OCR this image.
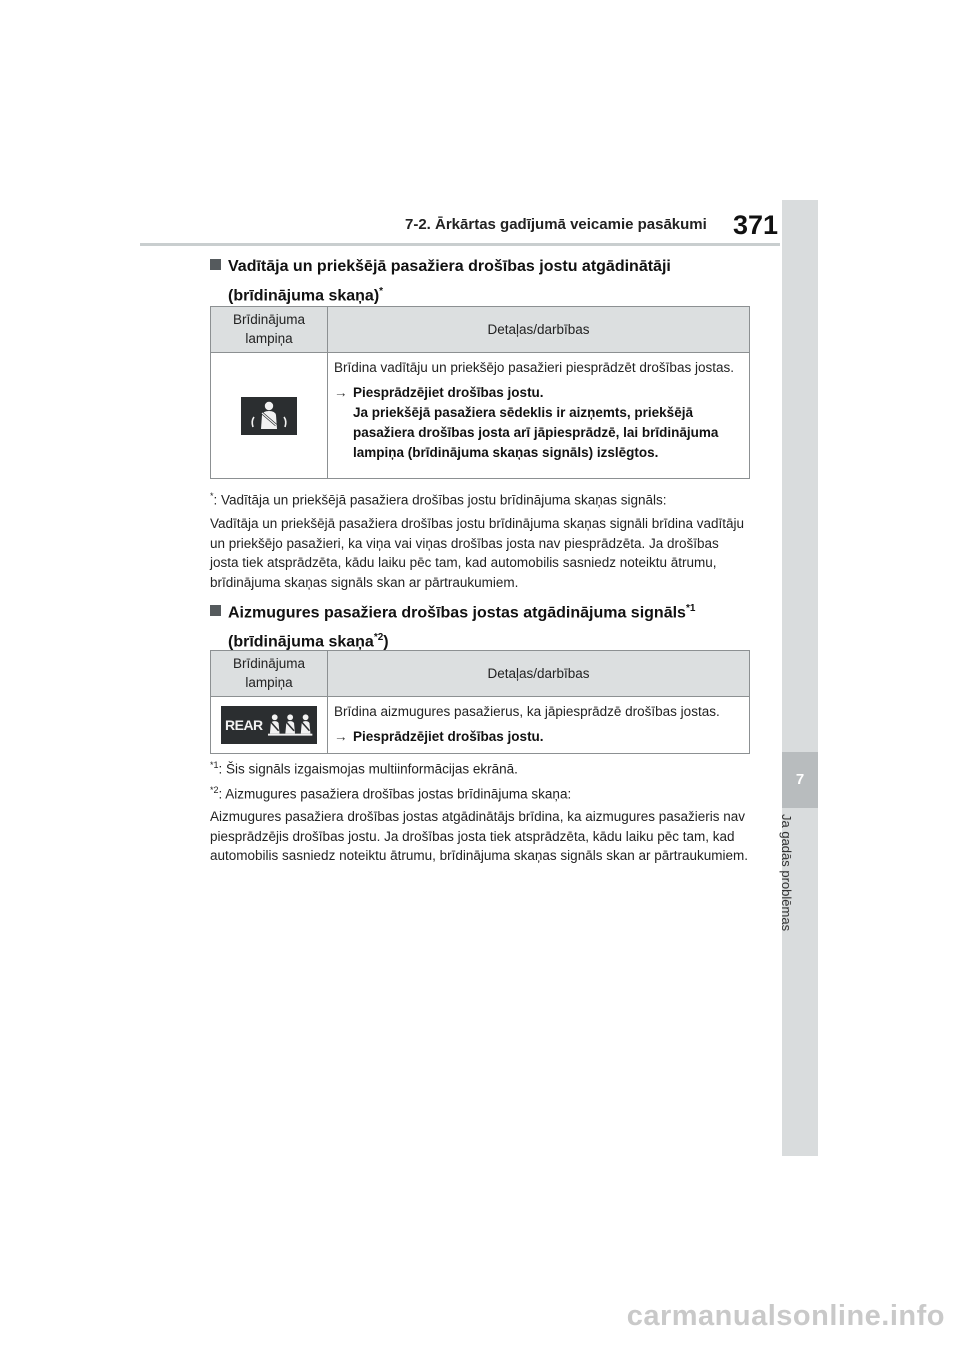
7-2. Ārkārtas gadījumā veicamie pasākumi 371
7
Ja gadās problēmas
Vadītāja un priekšējā pasažiera drošības jostu atgādinātāji
(brīdinājuma skaņa)*
Brīdinājuma lampiņa	Detaļas/darbības

Brīdina vadītāju un priekšējo pasažieri piesprādzēt drošības jostas.
→ Piesprādzējiet drošības jostu.
Ja priekšējā pasažiera sēdeklis ir aizņemts, priekšējā pasažiera drošības josta arī jāpiesprādzē, lai brīdinājuma lampiņa (brīdinājuma skaņas signāls) izslēgtos.
*: Vadītāja un priekšējā pasažiera drošības jostu brīdinājuma skaņas signāls:
Vadītāja un priekšējā pasažiera drošības jostu brīdinājuma skaņas signāli brīdina vadītāju un priekšējo pasažieri, ka viņa vai viņas drošības josta nav piesprādzēta. Ja drošības josta tiek atsprādzēta, kādu laiku pēc tam, kad automobilis sasniedz noteiktu ātrumu, brīdinājuma skaņas signāls skan ar pārtraukumiem.
Aizmugures pasažiera drošības jostas atgādinājuma signāls$^{*1}$
(brīdinājuma skaņa$^{*2}$)
Brīdinājuma lampiņa	Detaļas/darbības

REAR	Brīdina aizmugures pasažierus, ka jāpiesprādzē drošības jostas.
→ Piesprādzējiet drošības jostu.
$^{*1}$: Šis signāls izgaismojas multiinformācijas ekrānā.
$^{*2}$: Aizmugures pasažiera drošības jostas brīdinājuma skaņa:
Aizmugures pasažiera drošības jostas atgādinātājs brīdina, ka aizmugures pasažieris nav piesprādzējis drošības jostu. Ja drošības josta tiek atsprādzēta, kādu laiku pēc tam, kad automobilis sasniedz noteiktu ātrumu, brīdinājuma skaņas signāls skan ar pārtraukumiem.
carmanualsonline.info
